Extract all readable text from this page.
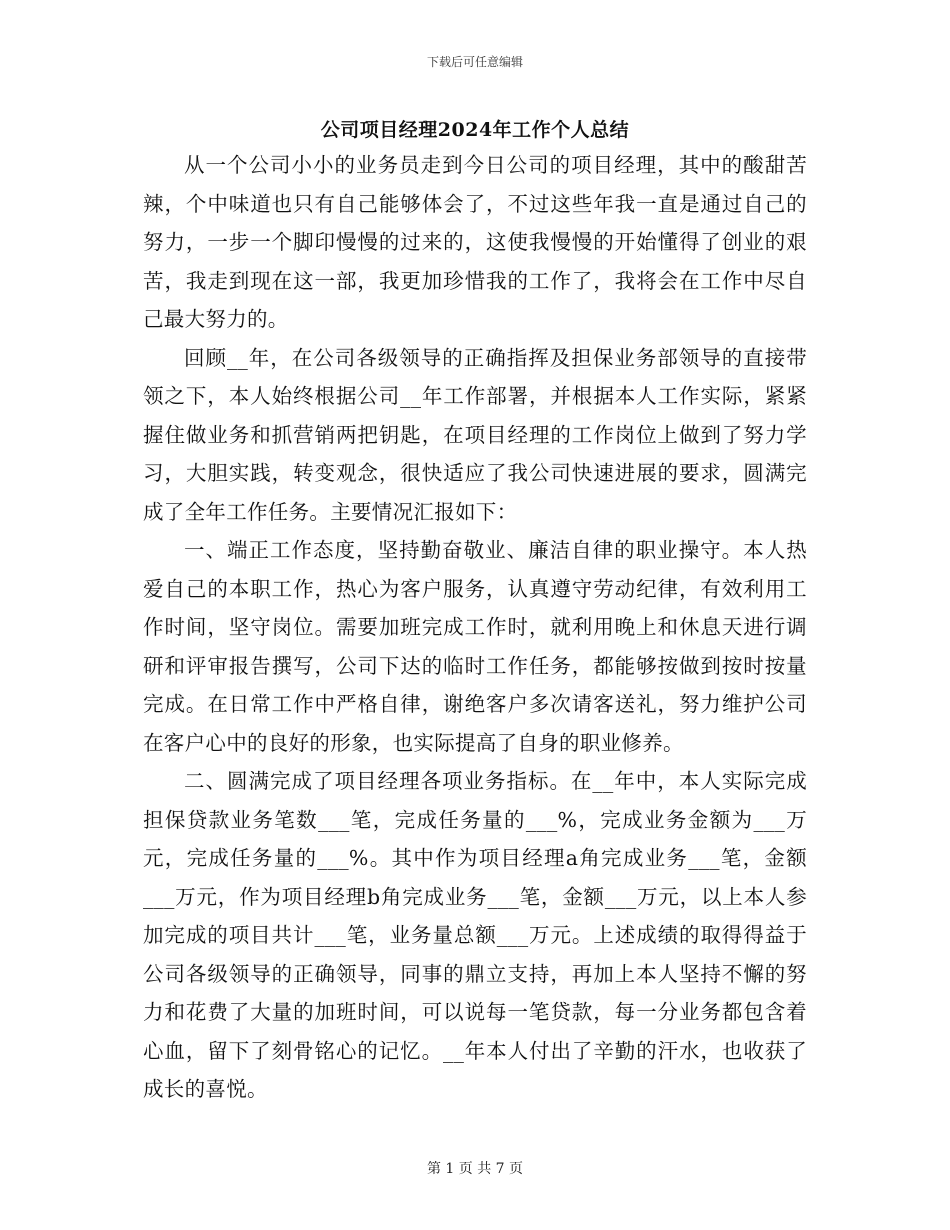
下载后可任意编辑
公司项目经理2024年工作个人总结

从一个公司小小的业务员走到今日公司的项目经理，其中的酸甜苦辣，个中味道也只有自己能够体会了，不过这些年我一直是通过自己的努力，一步一个脚印慢慢的过来的，这使我慢慢的开始懂得了创业的艰苦，我走到现在这一部，我更加珍惜我的工作了，我将会在工作中尽自己最大努力的。

回顾__年，在公司各级领导的正确指挥及担保业务部领导的直接带领之下，本人始终根据公司__年工作部署，并根据本人工作实际，紧紧握住做业务和抓营销两把钥匙，在项目经理的工作岗位上做到了努力学习，大胆实践，转变观念，很快适应了我公司快速进展的要求，圆满完成了全年工作任务。主要情况汇报如下：

一、端正工作态度，坚持勤奋敬业、廉洁自律的职业操守。本人热爱自己的本职工作，热心为客户服务，认真遵守劳动纪律，有效利用工作时间，坚守岗位。需要加班完成工作时，就利用晚上和休息天进行调研和评审报告撰写，公司下达的临时工作任务，都能够按做到按时按量完成。在日常工作中严格自律，谢绝客户多次请客送礼，努力维护公司在客户心中的良好的形象，也实际提高了自身的职业修养。

二、圆满完成了项目经理各项业务指标。在__年中，本人实际完成担保贷款业务笔数___笔，完成任务量的___%，完成业务金额为___万元，完成任务量的___%。其中作为项目经理a角完成业务___笔，金额___万元，作为项目经理b角完成业务___笔，金额___万元，以上本人参加完成的项目共计___笔，业务量总额___万元。上述成绩的取得得益于公司各级领导的正确领导，同事的鼎立支持，再加上本人坚持不懈的努力和花费了大量的加班时间，可以说每一笔贷款，每一分业务都包含着心血，留下了刻骨铭心的记忆。__年本人付出了辛勤的汗水，也收获了成长的喜悦。

第 1 页 共 7 页
